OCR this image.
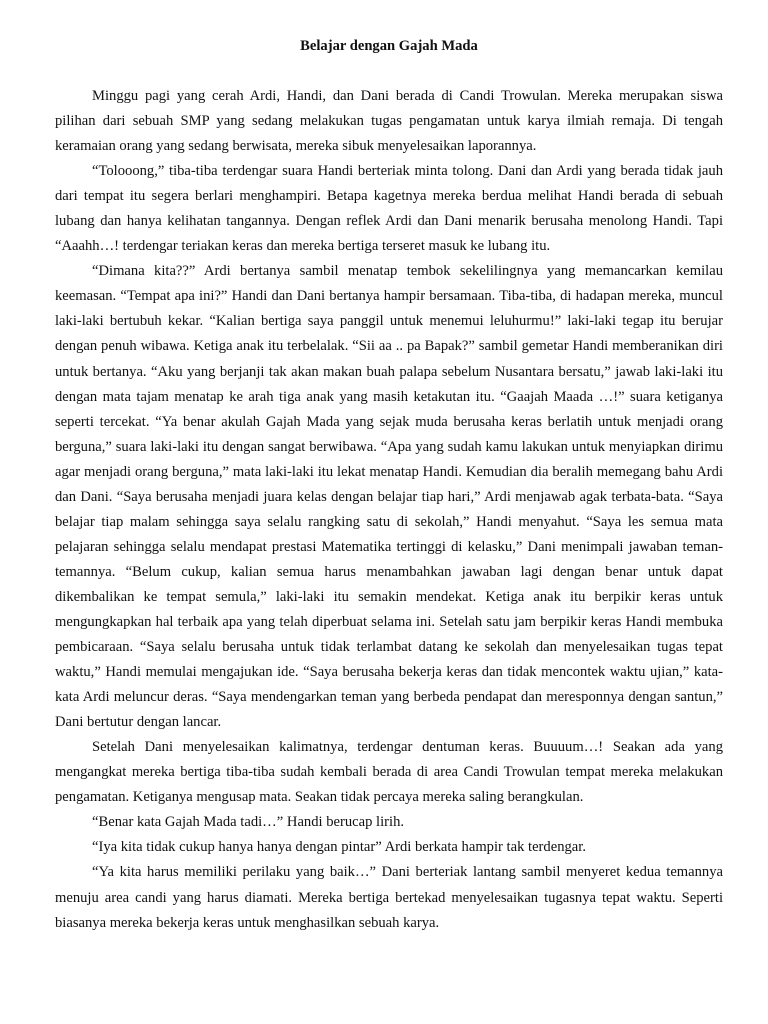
Belajar dengan Gajah Mada

Minggu pagi yang cerah Ardi, Handi, dan Dani berada di Candi Trowulan. Mereka merupakan siswa pilihan dari sebuah SMP yang sedang melakukan tugas pengamatan untuk karya ilmiah remaja. Di tengah keramaian orang yang sedang berwisata, mereka sibuk menyelesaikan laporannya.

“Tolooong,” tiba-tiba terdengar suara Handi berteriak minta tolong. Dani dan Ardi yang berada tidak jauh dari tempat itu segera berlari menghampiri. Betapa kagetnya mereka berdua melihat Handi berada di sebuah lubang dan hanya kelihatan tangannya. Dengan reflek Ardi dan Dani menarik berusaha menolong Handi. Tapi “Aaahh…! terdengar teriakan keras dan mereka bertiga terseret masuk ke lubang itu.

“Dimana kita??” Ardi bertanya sambil menatap tembok sekelilingnya yang memancarkan kemilau keemasan. “Tempat apa ini?” Handi dan Dani bertanya hampir bersamaan. Tiba-tiba, di hadapan mereka, muncul laki-laki bertubuh kekar. “Kalian bertiga saya panggil untuk menemui leluhurmu!” laki-laki tegap itu berujar dengan penuh wibawa. Ketiga anak itu terbelalak. “Sii aa .. pa Bapak?” sambil gemetar Handi memberanikan diri untuk bertanya. “Aku yang berjanji tak akan makan buah palapa sebelum Nusantara bersatu,” jawab laki-laki itu dengan mata tajam menatap ke arah tiga anak yang masih ketakutan itu. “Gaajah Maada …!” suara ketiganya seperti tercekat. “Ya benar akulah Gajah Mada yang sejak muda berusaha keras berlatih untuk menjadi orang berguna,” suara laki-laki itu dengan sangat berwibawa. “Apa yang sudah kamu lakukan untuk menyiapkan dirimu agar menjadi orang berguna,” mata laki-laki itu lekat menatap Handi. Kemudian dia beralih memegang bahu Ardi dan Dani. “Saya berusaha menjadi juara kelas dengan belajar tiap hari,” Ardi menjawab agak terbata-bata. “Saya belajar tiap malam sehingga saya selalu rangking satu di sekolah,” Handi menyahut. “Saya les semua mata pelajaran sehingga selalu mendapat prestasi Matematika tertinggi di kelasku,” Dani menimpali jawaban teman-temannya. “Belum cukup, kalian semua harus menambahkan jawaban lagi dengan benar untuk dapat dikembalikan ke tempat semula,” laki-laki itu semakin mendekat. Ketiga anak itu berpikir keras untuk mengungkapkan hal terbaik apa yang telah diperbuat selama ini. Setelah satu jam berpikir keras Handi membuka pembicaraan. “Saya selalu berusaha untuk tidak terlambat datang ke sekolah dan menyelesaikan tugas tepat waktu,” Handi memulai mengajukan ide. “Saya berusaha bekerja keras dan tidak mencontek waktu ujian,” kata-kata Ardi meluncur deras. “Saya mendengarkan teman yang berbeda pendapat dan meresponnya dengan santun,” Dani bertutur dengan lancar.

Setelah Dani menyelesaikan kalimatnya, terdengar dentuman keras. Buuuum…! Seakan ada yang mengangkat mereka bertiga tiba-tiba sudah kembali berada di area Candi Trowulan tempat mereka melakukan pengamatan. Ketiganya mengusap mata. Seakan tidak percaya mereka saling berangkulan.

“Benar kata Gajah Mada tadi…” Handi berucap lirih.

“Iya kita tidak cukup hanya hanya dengan pintar” Ardi berkata hampir tak terdengar.

“Ya kita harus memiliki perilaku yang baik…” Dani berteriak lantang sambil menyeret kedua temannya menuju area candi yang harus diamati. Mereka bertiga bertekad menyelesaikan tugasnya tepat waktu. Seperti biasanya mereka bekerja keras untuk menghasilkan sebuah karya.
